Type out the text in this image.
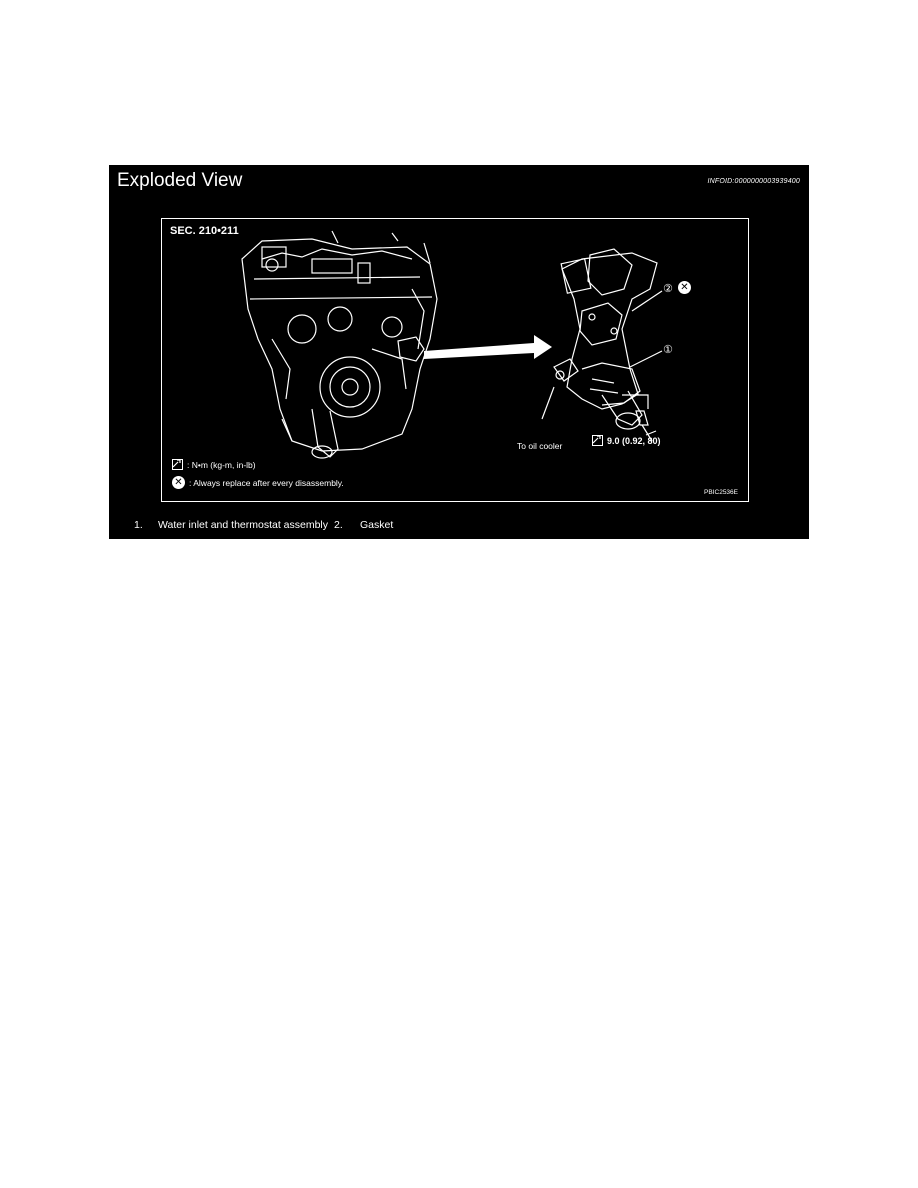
Exploded View	INFOID:0000000003939400
SEC. 210•211
② ✕
①
To oil cooler
9.0 (0.92, 80)
: N•m (kg-m, in-lb)
✕ : Always replace after every disassembly.
PBIC2536E
1.	Water inlet and thermostat assembly 2.	Gasket
